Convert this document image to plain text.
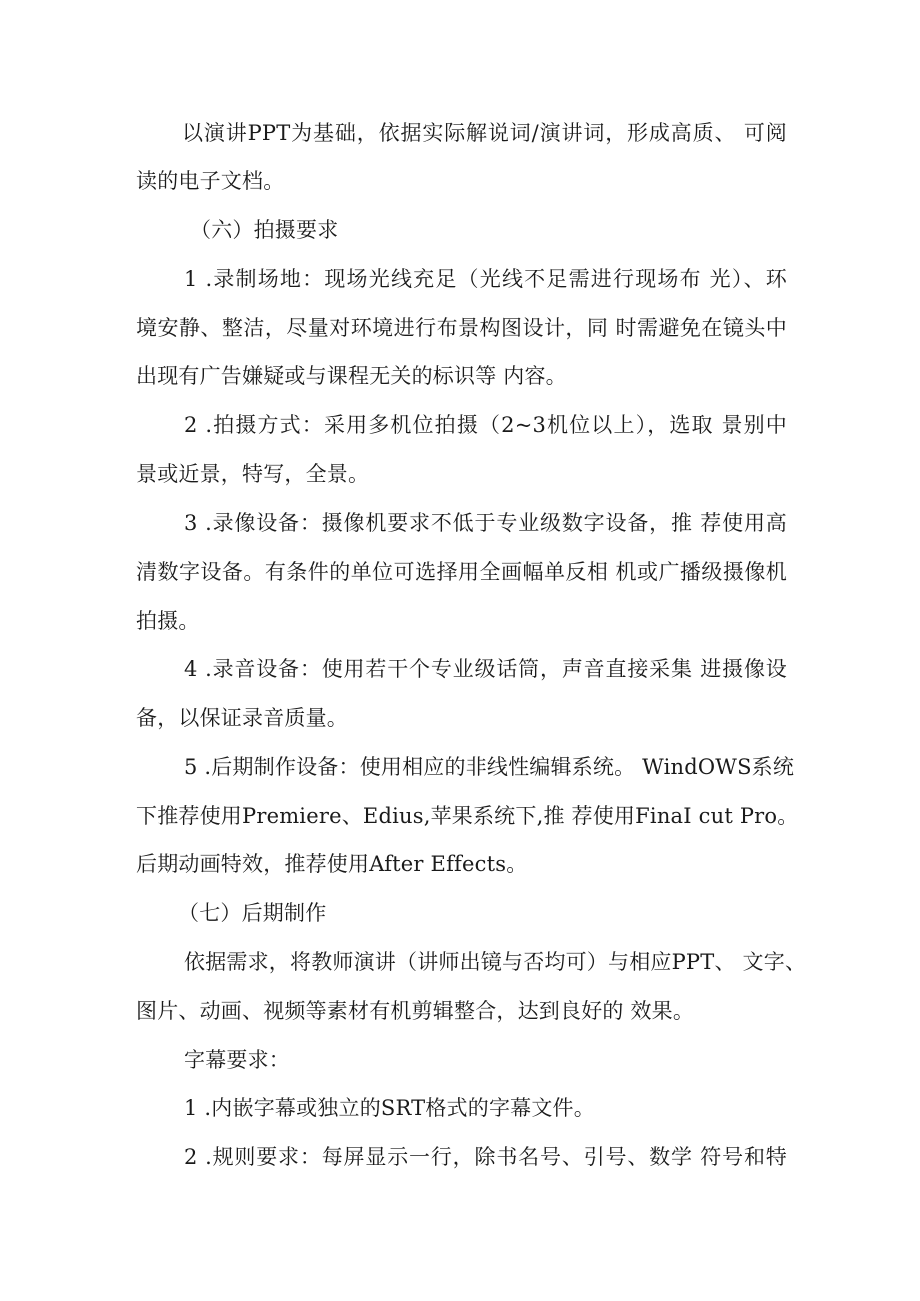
以演讲PPT为基础，依据实际解说词/演讲词，形成高质、 可阅
读的电子文档。
（六）拍摄要求
1 .录制场地：现场光线充足（光线不足需进行现场布 光）、环
境安静、整洁，尽量对环境进行布景构图设计，同 时需避免在镜头中
出现有广告嫌疑或与课程无关的标识等 内容。
2 .拍摄方式：采用多机位拍摄（2~3机位以上），选取 景别中
景或近景，特写，全景。
3 .录像设备：摄像机要求不低于专业级数字设备，推 荐使用高
清数字设备。有条件的单位可选择用全画幅单反相 机或广播级摄像机
拍摄。
4 .录音设备：使用若干个专业级话筒，声音直接采集 进摄像设
备，以保证录音质量。
5 .后期制作设备：使用相应的非线性编辑系统。 WindOWS系统
下推荐使用Premiere、Edius,苹果系统下,推 荐使用FinaI cut Pro。
后期动画特效，推荐使用After Effects。
（七）后期制作
依据需求，将教师演讲（讲师出镜与否均可）与相应PPT、 文字、
图片、动画、视频等素材有机剪辑整合，达到良好的 效果。
字幕要求：
1 .内嵌字幕或独立的SRT格式的字幕文件。
2 .规则要求：每屏显示一行，除书名号、引号、数学 符号和特
